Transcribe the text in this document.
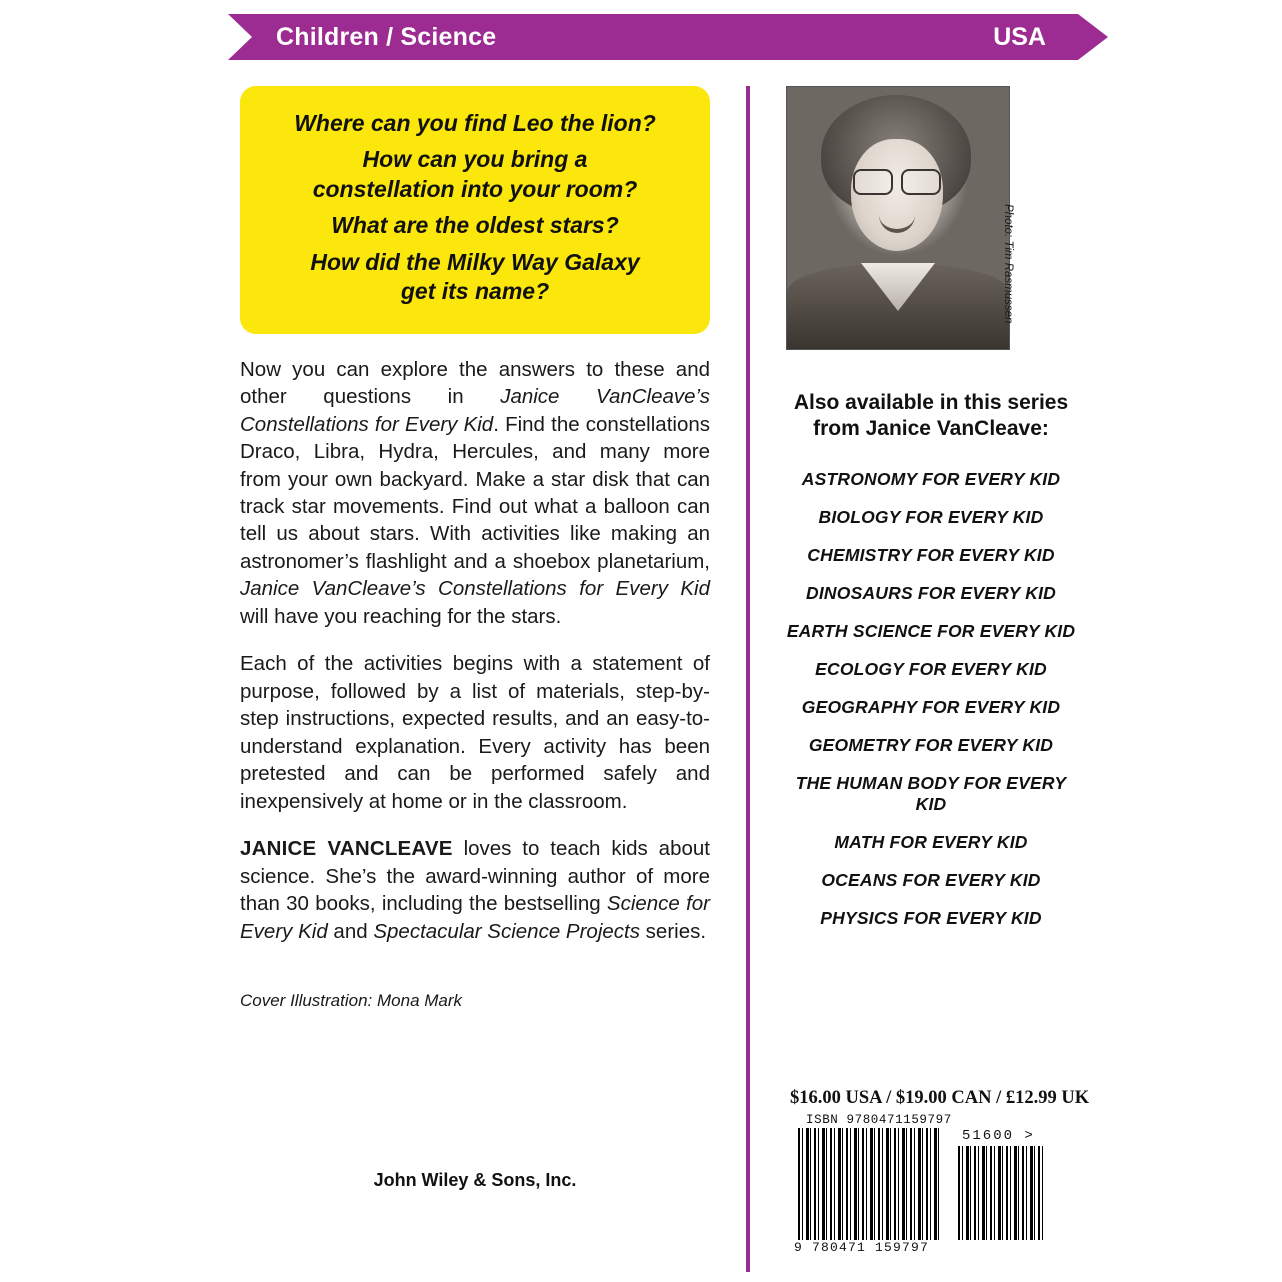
Children / Science	USA
Where can you find Leo the lion?
How can you bring a
constellation into your room?
What are the oldest stars?
How did the Milky Way Galaxy
get its name?

Now you can explore the answers to these and other questions in Janice VanCleave’s Constellations for Every Kid. Find the constellations Draco, Libra, Hydra, Hercules, and many more from your own backyard. Make a star disk that can track star movements. Find out what a balloon can tell us about stars. With activities like making an astronomer’s flashlight and a shoebox planetarium, Janice VanCleave’s Constellations for Every Kid will have you reaching for the stars.

Each of the activities begins with a statement of purpose, followed by a list of materials, step-by-step instructions, expected results, and an easy-to-understand explanation. Every activity has been pretested and can be performed safely and inexpensively at home or in the classroom.

JANICE VANCLEAVE loves to teach kids about science. She’s the award-winning author of more than 30 books, including the bestselling Science for Every Kid and Spectacular Science Projects series.

Cover Illustration: Mona Mark
John Wiley & Sons, Inc.
Photo: Tim Rasmussen
Also available in this series
from Janice VanCleave:
ASTRONOMY FOR EVERY KID
BIOLOGY FOR EVERY KID
CHEMISTRY FOR EVERY KID
DINOSAURS FOR EVERY KID
EARTH SCIENCE FOR EVERY KID
ECOLOGY FOR EVERY KID
GEOGRAPHY FOR EVERY KID
GEOMETRY FOR EVERY KID
THE HUMAN BODY FOR EVERY KID
MATH FOR EVERY KID
OCEANS FOR EVERY KID
PHYSICS FOR EVERY KID
$16.00 USA / $19.00 CAN / £12.99 UK
ISBN 9780471159797
51600 >
9 780471 159797
